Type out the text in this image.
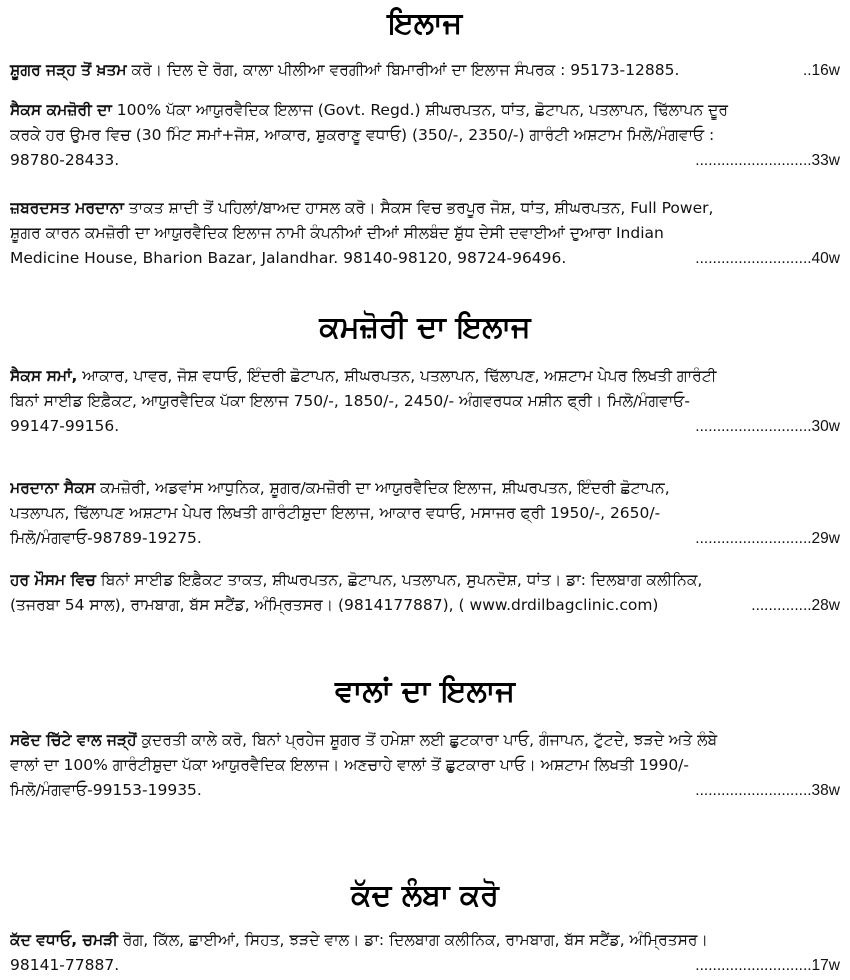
ਇਲਾਜ
ਸ਼ੂਗਰ ਜੜ੍ਹ ਤੋਂ ਖ਼ਤਮ ਕਰੋ। ਦਿਲ ਦੇ ਰੋਗ, ਕਾਲਾ ਪੀਲੀਆ ਵਰਗੀਆਂ ਬਿਮਾਰੀਆਂ ਦਾ ਇਲਾਜ ਸੰਪਰਕ : 95173-12885.	..16w
ਸੈਕਸ ਕਮਜ਼ੋਰੀ ਦਾ 100% ਪੱਕਾ ਆਯੁਰਵੈਦਿਕ ਇਲਾਜ (Govt. Regd.) ਸ਼ੀਘਰਪਤਨ, ਧਾਂਤ, ਛੋਟਾਪਨ, ਪਤਲਾਪਨ, ਢਿੱਲਾਪਨ ਦੂਰ
ਕਰਕੇ ਹਰ ਉਮਰ ਵਿਚ (30 ਮਿੰਟ ਸਮਾਂ+ਜੋਸ਼, ਆਕਾਰ, ਸ਼ੁਕਰਾਣੂ ਵਧਾਓ) (350/-, 2350/-) ਗਾਰੰਟੀ ਅਸ਼ਟਾਮ ਮਿਲੋ/ਮੰਗਵਾਓ :
98780-28433.	...........................33w
ਜ਼ਬਰਦਸਤ ਮਰਦਾਨਾ ਤਾਕਤ ਸ਼ਾਦੀ ਤੋਂ ਪਹਿਲਾਂ/ਬਾਅਦ ਹਾਸਲ ਕਰੋ। ਸੈਕਸ ਵਿਚ ਭਰਪੂਰ ਜੋਸ਼, ਧਾਂਤ, ਸ਼ੀਘਰਪਤਨ, Full Power,
ਸ਼ੂਗਰ ਕਾਰਨ ਕਮਜ਼ੋਰੀ ਦਾ ਆਯੁਰਵੈਦਿਕ ਇਲਾਜ ਨਾਮੀ ਕੰਪਨੀਆਂ ਦੀਆਂ ਸੀਲਬੰਦ ਸ਼ੁੱਧ ਦੇਸੀ ਦਵਾਈਆਂ ਦੁਆਰਾ Indian
Medicine House, Bharion Bazar, Jalandhar. 98140-98120, 98724-96496.	...........................40w
ਕਮਜ਼ੋਰੀ ਦਾ ਇਲਾਜ
ਸੈਕਸ ਸਮਾਂ, ਆਕਾਰ, ਪਾਵਰ, ਜੋਸ਼ ਵਧਾਓ, ਇੰਦਰੀ ਛੋਟਾਪਨ, ਸ਼ੀਘਰਪਤਨ, ਪਤਲਾਪਨ, ਢਿੱਲਾਪਣ, ਅਸ਼ਟਾਮ ਪੇਪਰ ਲਿਖਤੀ ਗਾਰੰਟੀ
ਬਿਨਾਂ ਸਾਈਡ ਇਫ਼ੈਕਟ, ਆਯੁਰਵੈਦਿਕ ਪੱਕਾ ਇਲਾਜ 750/-, 1850/-, 2450/- ਅੰਗਵਰਧਕ ਮਸ਼ੀਨ ਫ੍ਰੀ। ਮਿਲੋ/ਮੰਗਵਾਓ-
99147-99156.	...........................30w
ਮਰਦਾਨਾ ਸੈਕਸ ਕਮਜ਼ੋਰੀ, ਅਡਵਾਂਸ ਆਧੁਨਿਕ, ਸ਼ੂਗਰ/ਕਮਜ਼ੋਰੀ ਦਾ ਆਯੁਰਵੈਦਿਕ ਇਲਾਜ, ਸ਼ੀਘਰਪਤਨ, ਇੰਦਰੀ ਛੋਟਾਪਨ,
ਪਤਲਾਪਨ, ਢਿੱਲਾਪਣ ਅਸ਼ਟਾਮ ਪੇਪਰ ਲਿਖਤੀ ਗਾਰੰਟੀਸ਼ੁਦਾ ਇਲਾਜ, ਆਕਾਰ ਵਧਾਓ, ਮਸਾਜਰ ਫ੍ਰੀ 1950/-, 2650/-
ਮਿਲੋ/ਮੰਗਵਾਓ-98789-19275.	...........................29w
ਹਰ ਮੌਸਮ ਵਿਚ ਬਿਨਾਂ ਸਾਈਡ ਇਫ਼ੈਕਟ ਤਾਕਤ, ਸ਼ੀਘਰਪਤਨ, ਛੋਟਾਪਨ, ਪਤਲਾਪਨ, ਸੁਪਨਦੋਸ਼, ਧਾਂਤ। ਡਾ: ਦਿਲਬਾਗ ਕਲੀਨਿਕ,
(ਤਜਰਬਾ 54 ਸਾਲ), ਰਾਮਬਾਗ, ਬੱਸ ਸਟੈਂਡ, ਅੰਮ੍ਰਿਤਸਰ। (9814177887), ( www.drdilbagclinic.com)	..............28w
ਵਾਲਾਂ ਦਾ ਇਲਾਜ
ਸਫੇਦ ਚਿੱਟੇ ਵਾਲ ਜੜ੍ਹੋਂ ਕੁਦਰਤੀ ਕਾਲੇ ਕਰੋ, ਬਿਨਾਂ ਪ੍ਰਹੇਜ ਸ਼ੂਗਰ ਤੋਂ ਹਮੇਸ਼ਾ ਲਈ ਛੁਟਕਾਰਾ ਪਾਓ, ਗੰਜਾਪਨ, ਟੁੱਟਦੇ, ਝੜਦੇ ਅਤੇ ਲੰਬੇ
ਵਾਲਾਂ ਦਾ 100% ਗਾਰੰਟੀਸ਼ੁਦਾ ਪੱਕਾ ਆਯੁਰਵੈਦਿਕ ਇਲਾਜ। ਅਣਚਾਹੇ ਵਾਲਾਂ ਤੋਂ ਛੁਟਕਾਰਾ ਪਾਓ। ਅਸ਼ਟਾਮ ਲਿਖਤੀ 1990/-
ਮਿਲੋ/ਮੰਗਵਾਓ-99153-19935.	...........................38w
ਕੱਦ ਲੰਬਾ ਕਰੋ
ਕੱਦ ਵਧਾਓ, ਚਮੜੀ ਰੋਗ, ਕਿੱਲ, ਛਾਈਆਂ, ਸਿਹਤ, ਝੜਦੇ ਵਾਲ। ਡਾ: ਦਿਲਬਾਗ ਕਲੀਨਿਕ, ਰਾਮਬਾਗ, ਬੱਸ ਸਟੈਂਡ, ਅੰਮ੍ਰਿਤਸਰ।
98141-77887.	...........................17w
